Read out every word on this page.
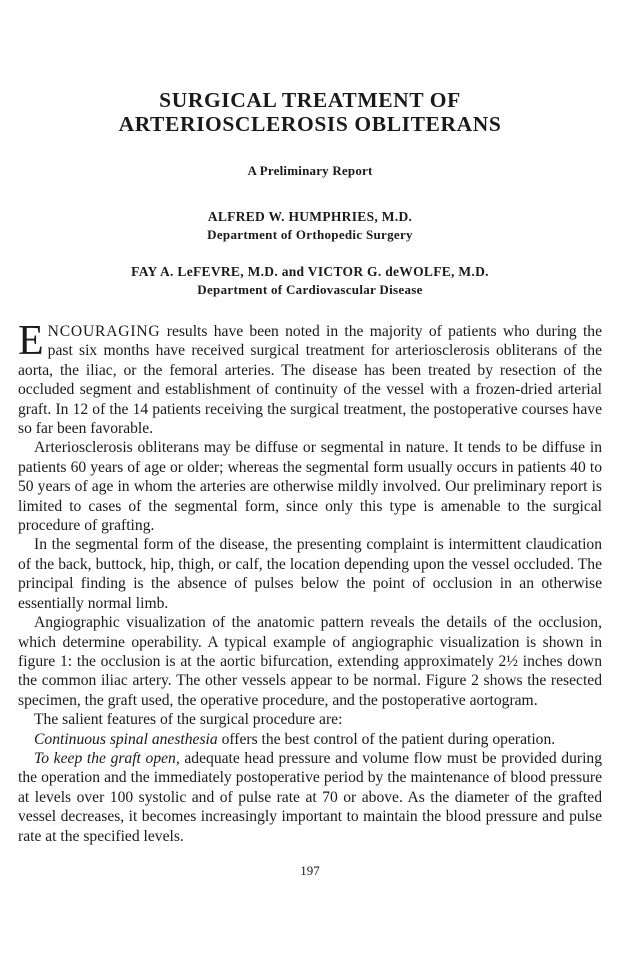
SURGICAL TREATMENT OF
ARTERIOSCLEROSIS OBLITERANS
A Preliminary Report
ALFRED W. HUMPHRIES, M.D.
Department of Orthopedic Surgery
FAY A. LeFEVRE, M.D. and VICTOR G. deWOLFE, M.D.
Department of Cardiovascular Disease

ENCOURAGING results have been noted in the majority of patients who during the past six months have received surgical treatment for arteriosclerosis obliterans of the aorta, the iliac, or the femoral arteries. The disease has been treated by resection of the occluded segment and establishment of continuity of the vessel with a frozen-dried arterial graft. In 12 of the 14 patients receiving the surgical treatment, the postoperative courses have so far been favorable.

Arteriosclerosis obliterans may be diffuse or segmental in nature. It tends to be diffuse in patients 60 years of age or older; whereas the segmental form usually occurs in patients 40 to 50 years of age in whom the arteries are otherwise mildly involved. Our preliminary report is limited to cases of the segmental form, since only this type is amenable to the surgical procedure of grafting.

In the segmental form of the disease, the presenting complaint is intermittent claudication of the back, buttock, hip, thigh, or calf, the location depending upon the vessel occluded. The principal finding is the absence of pulses below the point of occlusion in an otherwise essentially normal limb.

Angiographic visualization of the anatomic pattern reveals the details of the occlusion, which determine operability. A typical example of angiographic visualization is shown in figure 1: the occlusion is at the aortic bifurcation, extending approximately 2½ inches down the common iliac artery. The other vessels appear to be normal. Figure 2 shows the resected specimen, the graft used, the operative procedure, and the postoperative aortogram.

The salient features of the surgical procedure are:

Continuous spinal anesthesia offers the best control of the patient during operation.

To keep the graft open, adequate head pressure and volume flow must be provided during the operation and the immediately postoperative period by the maintenance of blood pressure at levels over 100 systolic and of pulse rate at 70 or above. As the diameter of the grafted vessel decreases, it becomes increasingly important to maintain the blood pressure and pulse rate at the specified levels.

197
